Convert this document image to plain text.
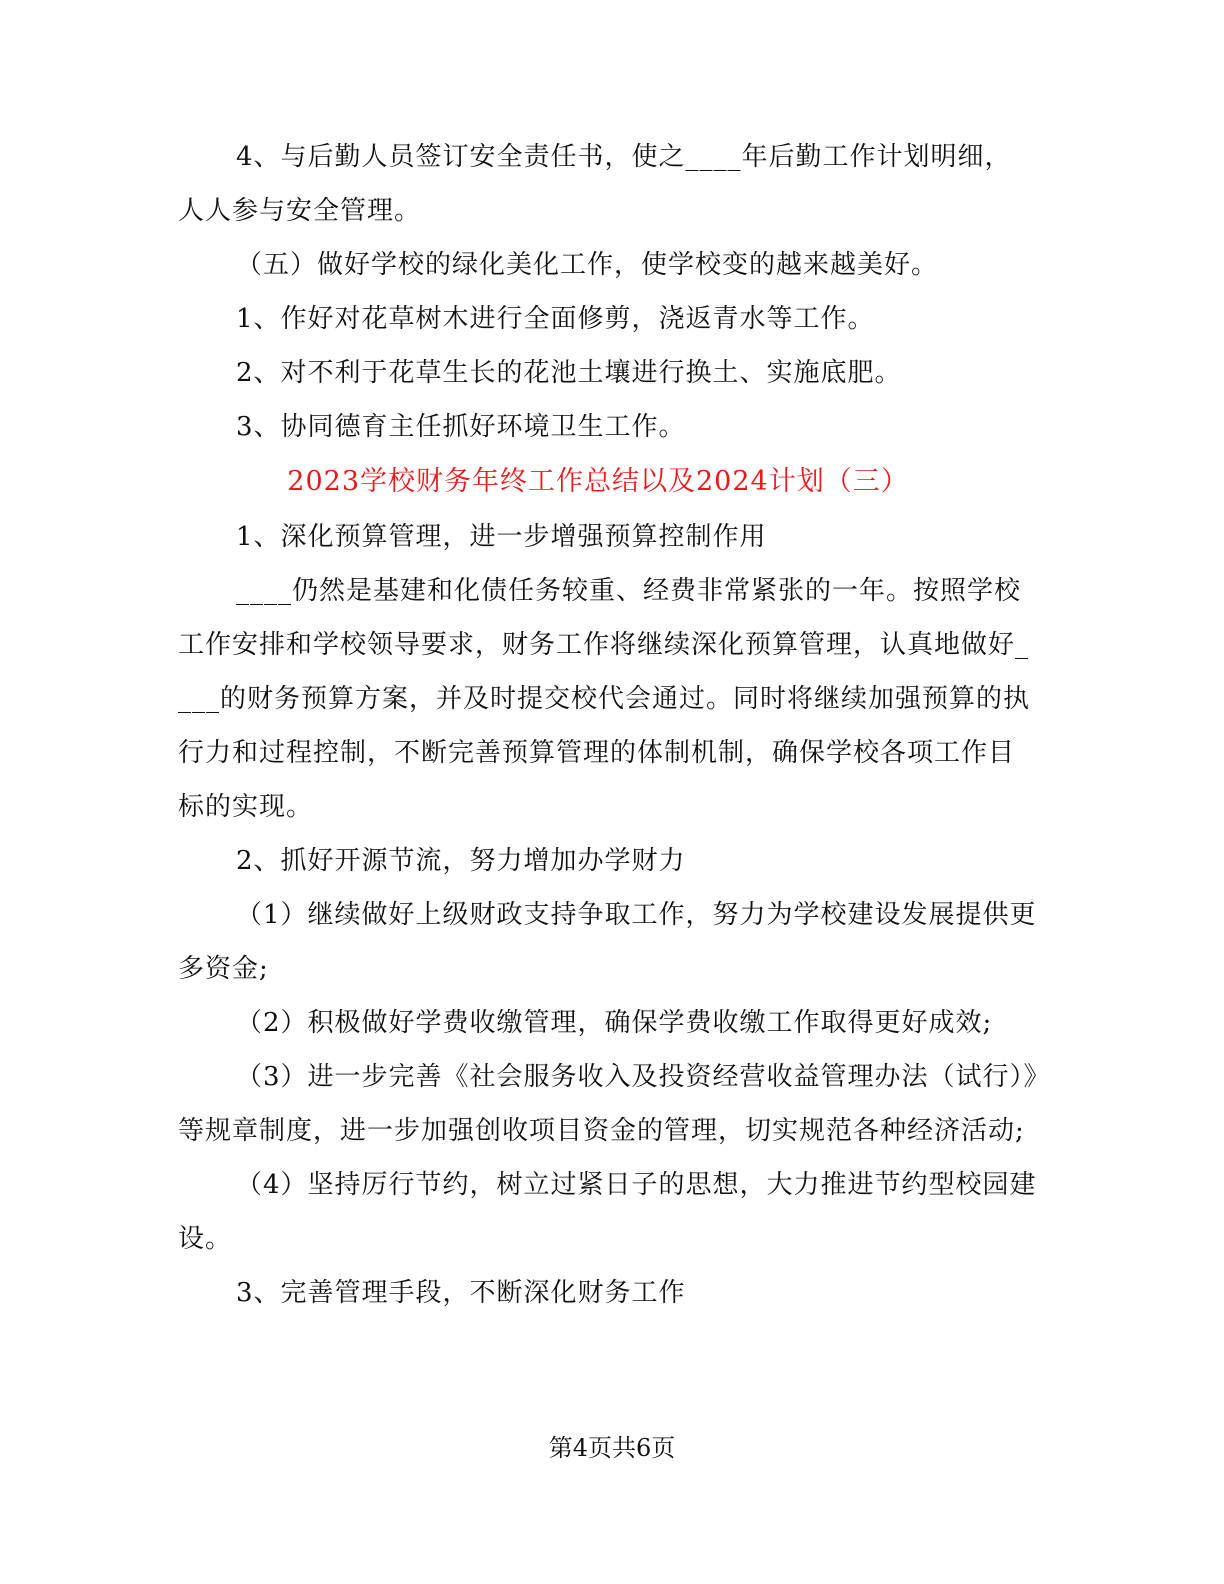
4、与后勤人员签订安全责任书，使之____年后勤工作计划明细，人人参与安全管理。

（五）做好学校的绿化美化工作，使学校变的越来越美好。

1、作好对花草树木进行全面修剪，浇返青水等工作。

2、对不利于花草生长的花池土壤进行换土、实施底肥。

3、协同德育主任抓好环境卫生工作。

2023学校财务年终工作总结以及2024计划（三）

1、深化预算管理，进一步增强预算控制作用

____仍然是基建和化债任务较重、经费非常紧张的一年。按照学校工作安排和学校领导要求，财务工作将继续深化预算管理，认真地做好____的财务预算方案，并及时提交校代会通过。同时将继续加强预算的执行力和过程控制，不断完善预算管理的体制机制，确保学校各项工作目标的实现。

2、抓好开源节流，努力增加办学财力

（1）继续做好上级财政支持争取工作，努力为学校建设发展提供更多资金;

（2）积极做好学费收缴管理，确保学费收缴工作取得更好成效;

（3）进一步完善《社会服务收入及投资经营收益管理办法（试行）》等规章制度，进一步加强创收项目资金的管理，切实规范各种经济活动;

（4）坚持厉行节约，树立过紧日子的思想，大力推进节约型校园建设。

3、完善管理手段，不断深化财务工作

第4页共6页
